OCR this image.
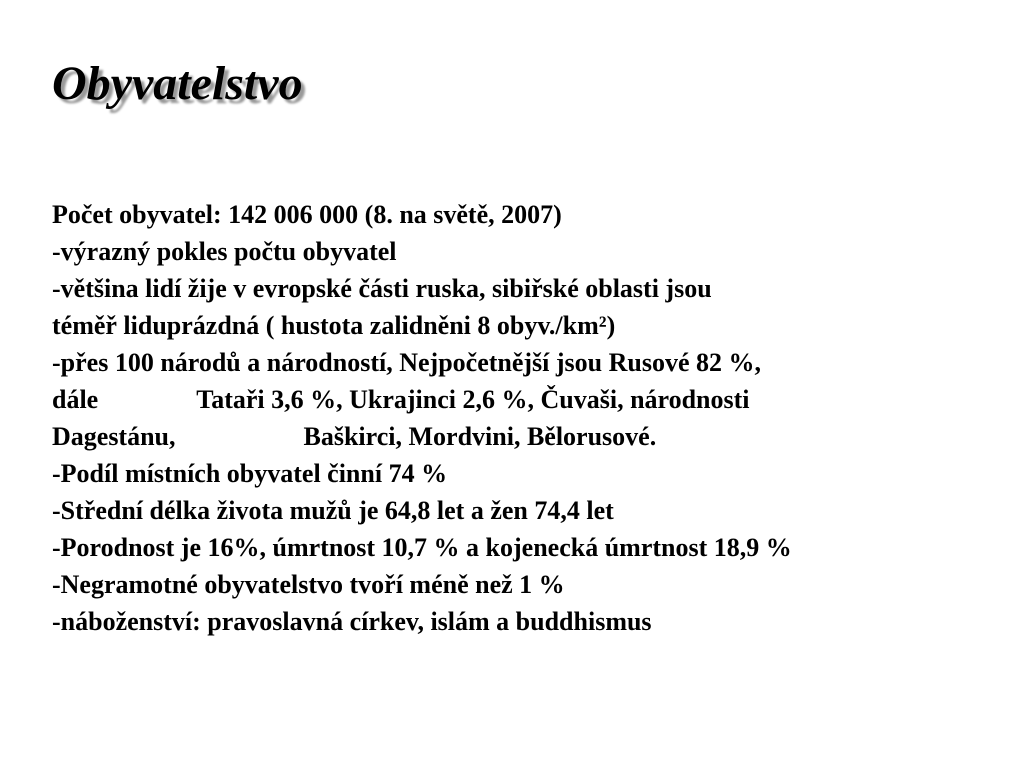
Obyvatelstvo
Počet obyvatel: 142 006 000 (8. na světě, 2007)
-výrazný pokles počtu obyvatel
-většina lidí žije v evropské části ruska, sibiřské oblasti jsou
téměř liduprázdná ( hustota zalidněni 8 obyv./km²)
-přes 100 národů a národností, Nejpočetnější jsou Rusové 82 %,
dále	Tataři 3,6 %, Ukrajinci 2,6 %, Čuvaši, národnosti
Dagestánu,	Baškirci, Mordvini, Bělorusové.
-Podíl místních obyvatel činní 74 %
-Střední délka života mužů je 64,8 let a žen 74,4 let
-Porodnost je 16%, úmrtnost 10,7 % a kojenecká úmrtnost 18,9 %
-Negramotné obyvatelstvo tvoří méně než 1 %
-náboženství: pravoslavná církev, islám a buddhismus
